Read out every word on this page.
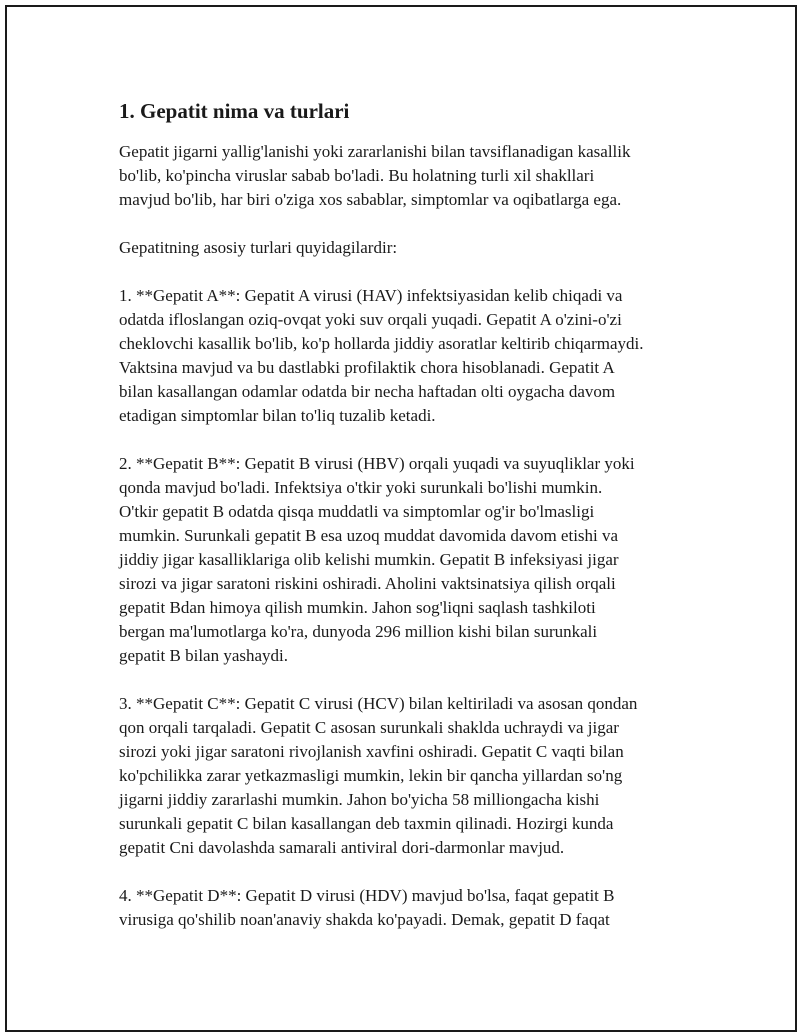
1. Gepatit nima va turlari

Gepatit jigarni yallig'lanishi yoki zararlanishi bilan tavsiflanadigan kasallik
bo'lib, ko'pincha viruslar sabab bo'ladi. Bu holatning turli xil shakllari
mavjud bo'lib, har biri o'ziga xos sabablar, simptomlar va oqibatlarga ega.

Gepatitning asosiy turlari quyidagilardir:

1. **Gepatit A**: Gepatit A virusi (HAV) infektsiyasidan kelib chiqadi va
odatda ifloslangan oziq-ovqat yoki suv orqali yuqadi. Gepatit A o'zini-o'zi
cheklovchi kasallik bo'lib, ko'p hollarda jiddiy asoratlar keltirib chiqarmaydi.
Vaktsina mavjud va bu dastlabki profilaktik chora hisoblanadi. Gepatit A
bilan kasallangan odamlar odatda bir necha haftadan olti oygacha davom
etadigan simptomlar bilan to'liq tuzalib ketadi.

2. **Gepatit B**: Gepatit B virusi (HBV) orqali yuqadi va suyuqliklar yoki
qonda mavjud bo'ladi. Infektsiya o'tkir yoki surunkali bo'lishi mumkin.
O'tkir gepatit B odatda qisqa muddatli va simptomlar og'ir bo'lmasligi
mumkin. Surunkali gepatit B esa uzoq muddat davomida davom etishi va
jiddiy jigar kasalliklariga olib kelishi mumkin. Gepatit B infeksiyasi jigar
sirozi va jigar saratoni riskini oshiradi. Aholini vaktsinatsiya qilish orqali
gepatit Bdan himoya qilish mumkin. Jahon sog'liqni saqlash tashkiloti
bergan ma'lumotlarga ko'ra, dunyoda 296 million kishi bilan surunkali
gepatit B bilan yashaydi.

3. **Gepatit C**: Gepatit C virusi (HCV) bilan keltiriladi va asosan qondan
qon orqali tarqaladi. Gepatit C asosan surunkali shaklda uchraydi va jigar
sirozi yoki jigar saratoni rivojlanish xavfini oshiradi. Gepatit C vaqti bilan
ko'pchilikka zarar yetkazmasligi mumkin, lekin bir qancha yillardan so'ng
jigarni jiddiy zararlashi mumkin. Jahon bo'yicha 58 milliongacha kishi
surunkali gepatit C bilan kasallangan deb taxmin qilinadi. Hozirgi kunda
gepatit Cni davolashda samarali antiviral dori-darmonlar mavjud.

4. **Gepatit D**: Gepatit D virusi (HDV) mavjud bo'lsa, faqat gepatit B
virusiga qo'shilib noan'anaviy shakda ko'payadi. Demak, gepatit D faqat
